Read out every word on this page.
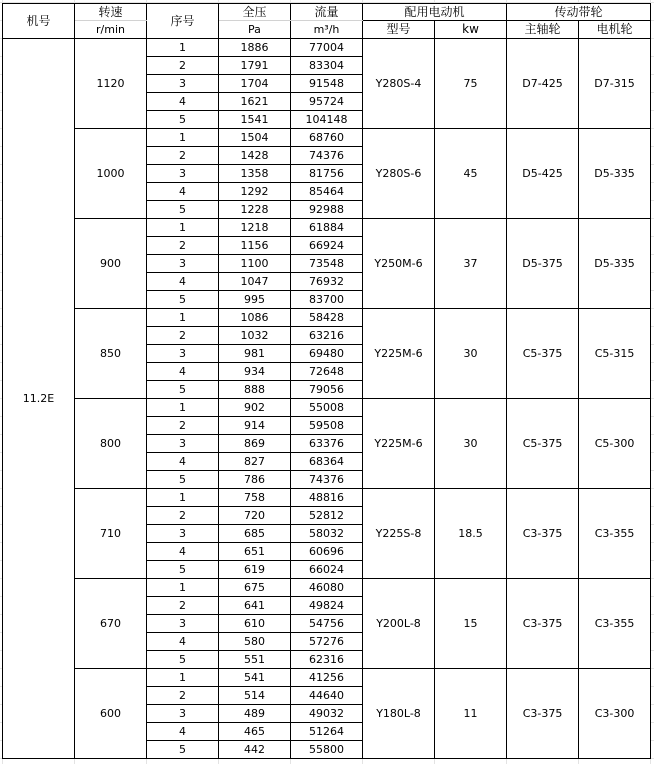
机号	转速	序号	全压	流量	配用电动机		传动带轮	
	r/min		Pa	m³/h	型号	kw	主轴轮	电机轮
11.2E	1120	1	1886	77004	Y280S-4	75	D7-425	D7-315
		2	1791	83304				
		3	1704	91548				
		4	1621	95724				
		5	1541	104148				
	1000	1	1504	68760	Y280S-6	45	D5-425	D5-335
		2	1428	74376				
		3	1358	81756				
		4	1292	85464				
		5	1228	92988				
	900	1	1218	61884	Y250M-6	37	D5-375	D5-335
		2	1156	66924				
		3	1100	73548				
		4	1047	76932				
		5	995	83700				
	850	1	1086	58428	Y225M-6	30	C5-375	C5-315
		2	1032	63216				
		3	981	69480				
		4	934	72648				
		5	888	79056				
	800	1	902	55008	Y225M-6	30	C5-375	C5-300
		2	914	59508				
		3	869	63376				
		4	827	68364				
		5	786	74376				
	710	1	758	48816	Y225S-8	18.5	C3-375	C3-355
		2	720	52812				
		3	685	58032				
		4	651	60696				
		5	619	66024				
	670	1	675	46080	Y200L-8	15	C3-375	C3-355
		2	641	49824				
		3	610	54756				
		4	580	57276				
		5	551	62316				
	600	1	541	41256	Y180L-8	11	C3-375	C3-300
		2	514	44640				
		3	489	49032				
		4	465	51264				
		5	442	55800				
